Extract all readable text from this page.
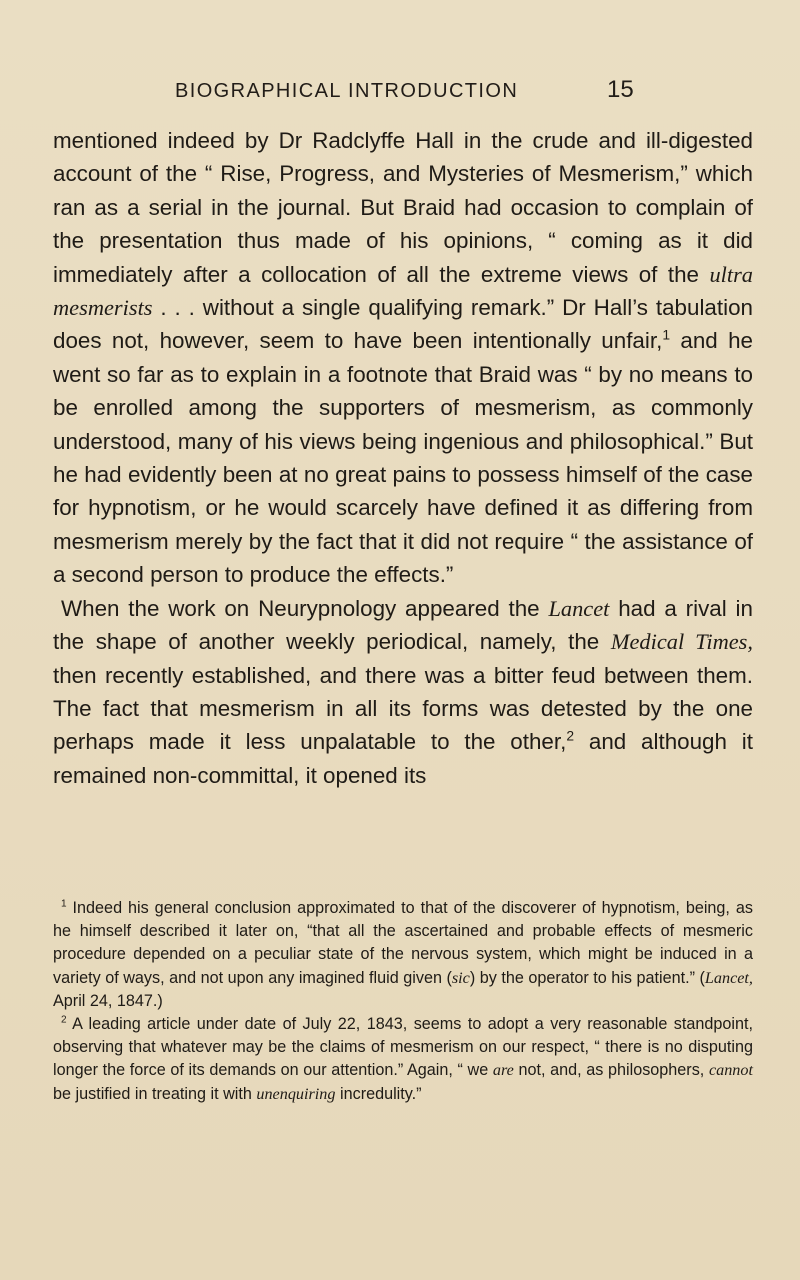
BIOGRAPHICAL INTRODUCTION	15

mentioned indeed by Dr Radclyffe Hall in the crude and ill-digested account of the “ Rise, Progress, and Mysteries of Mesmerism,” which ran as a serial in the journal. But Braid had occasion to complain of the presentation thus made of his opinions, “ coming as it did immediately after a collocation of all the extreme views of the ultra mesmerists . . . without a single qualifying remark.” Dr Hall’s tabulation does not, however, seem to have been intentionally unfair,$^1$ and he went so far as to explain in a footnote that Braid was “ by no means to be enrolled among the supporters of mesmerism, as commonly understood, many of his views being ingenious and philosophical.” But he had evidently been at no great pains to possess himself of the case for hypnotism, or he would scarcely have defined it as differing from mesmerism merely by the fact that it did not require “ the assistance of a second person to produce the effects.”

When the work on Neurypnology appeared the Lancet had a rival in the shape of another weekly periodical, namely, the Medical Times, then recently established, and there was a bitter feud between them. The fact that mesmerism in all its forms was detested by the one perhaps made it less unpalatable to the other,$^2$ and although it remained non-committal, it opened its

$^1$ Indeed his general conclusion approximated to that of the discoverer of hypnotism, being, as he himself described it later on, “that all the ascertained and probable effects of mesmeric procedure depended on a peculiar state of the nervous system, which might be induced in a variety of ways, and not upon any imagined fluid given (sic) by the operator to his patient.” (Lancet, April 24, 1847.)

$^2$ A leading article under date of July 22, 1843, seems to adopt a very reasonable standpoint, observing that whatever may be the claims of mesmerism on our respect, “ there is no disputing longer the force of its demands on our attention.” Again, “ we are not, and, as philosophers, cannot be justified in treating it with unenquiring incredulity.”
